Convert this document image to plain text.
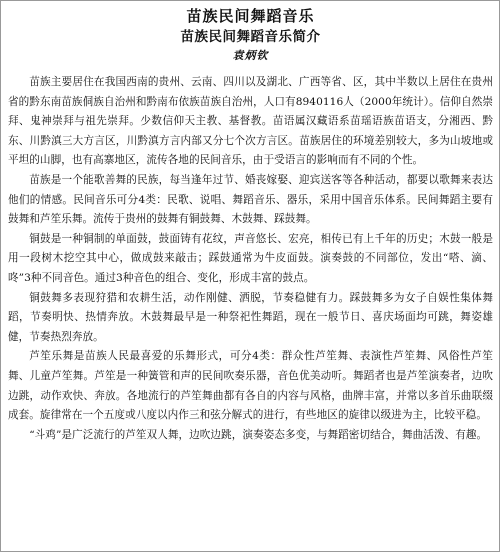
苗族民间舞蹈音乐
苗族民间舞蹈音乐简介
袁炳钦

苗族主要居住在我国西南的贵州、云南、四川以及湖北、广西等省、区，其中半数以上居住在贵州省的黔东南苗族侗族自治州和黔南布依族苗族自治州，人口有8940116人（2000年统计）。信仰自然崇拜、鬼神崇拜与祖先崇拜。少数信仰天主教、基督教。苗语属汉藏语系苗瑶语族苗语支，分湘西、黔东、川黔滇三大方言区，川黔滇方言内部又分七个次方言区。苗族居住的环境差别较大，多为山坡地或平坦的山脚，也有高寨地区，流传各地的民间音乐，由于受语言的影响而有不同的个性。

苗族是一个能歌善舞的民族，每当逢年过节、婚丧嫁娶、迎宾送客等各种活动，都要以歌舞来表达他们的情感。民间音乐可分4类：民歌、说唱、舞蹈音乐、器乐，采用中国音乐体系。民间舞蹈主要有鼓舞和芦笙乐舞。流传于贵州的鼓舞有铜鼓舞、木鼓舞、踩鼓舞。

铜鼓是一种铜制的单面鼓，鼓面铸有花纹，声音悠长、宏亮，相传已有上千年的历史；木鼓一般是用一段树木挖空其中心，做成鼓来敲击；踩鼓通常为牛皮面鼓。演奏鼓的不同部位，发出“嗒、滴、咚”3种不同音色。通过3种音色的组合、变化，形成丰富的鼓点。

铜鼓舞多表现狩猎和农耕生活，动作刚健、洒脱，节奏稳健有力。踩鼓舞多为女子自娱性集体舞蹈，节奏明快、热情奔放。木鼓舞最早是一种祭祀性舞蹈，现在一般节日、喜庆场面均可跳，舞姿雄健，节奏热烈奔放。

芦笙乐舞是苗族人民最喜爱的乐舞形式，可分4类：群众性芦笙舞、表演性芦笙舞、风俗性芦笙舞、儿童芦笙舞。芦笙是一种簧管和声的民间吹奏乐器，音色优美动听。舞蹈者也是芦笙演奏者，边吹边跳，动作欢快、奔放。各地流行的芦笙舞曲都有各自的内容与风格，曲牌丰富，并常以多首乐曲联缀成套。旋律常在一个五度或八度以内作三和弦分解式的进行，有些地区的旋律以级进为主，比较平稳。

“斗鸡”是广泛流行的芦笙双人舞，边吹边跳，演奏姿态多变，与舞蹈密切结合，舞曲活泼、有趣。
